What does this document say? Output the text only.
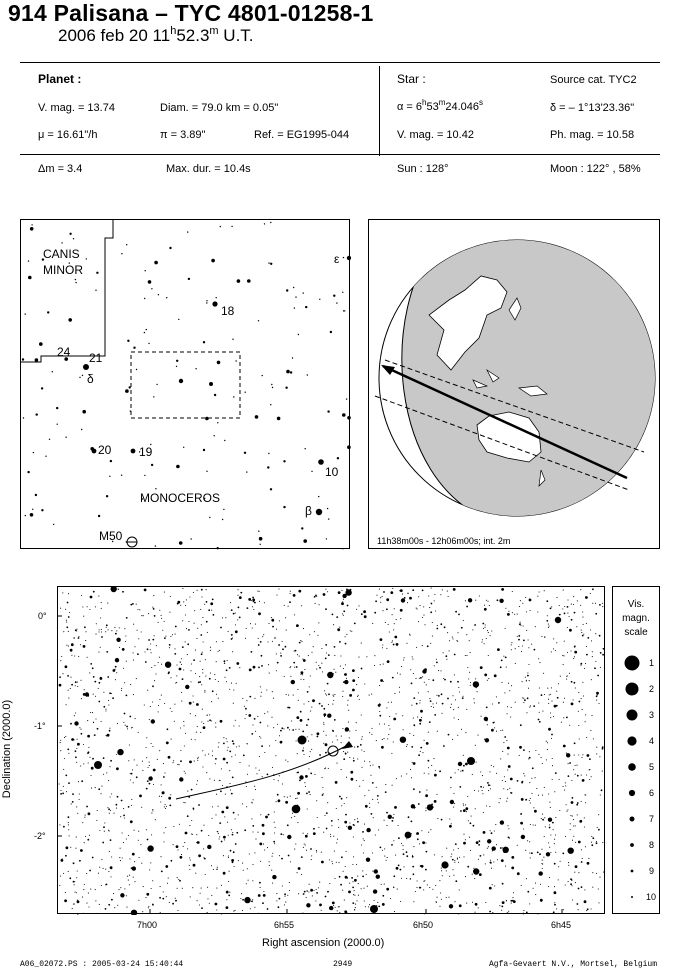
914 Palisana – TYC 4801-01258-1
2006 feb 20 11$^h$52.3$^m$ U.T.
Planet :
V. mag. = 13.74	Diam. = 79.0 km = 0.05"
μ = 16.61"/h	π = 3.89"	Ref. = EG1995-044
Δm = 3.4	Max. dur. = 10.4s
Star :	Source cat. TYC2
$\alpha = 6^h53^m24.046^s$	δ = – 1°13'23.36"
V. mag. = 10.42	Ph. mag. = 10.58
Sun : 128°	Moon : 122° , 58%
CANIS
MINOR
MONOCEROS
ε
18
24 21
δ
20 19
10
β
M50	11h38m00s - 12h06m00s; int. 2m
0°
-1°
-2°
7h00	6h55	6h50	6h45
Right ascension (2000.0)
Declination (2000.0)
Vis.
magn.
scale
1
2
3
4
5
6
7
8
9
10
A06_02072.PS : 2005-03-24 15:40:44	2949	Agfa-Gevaert N.V., Mortsel, Belgium
